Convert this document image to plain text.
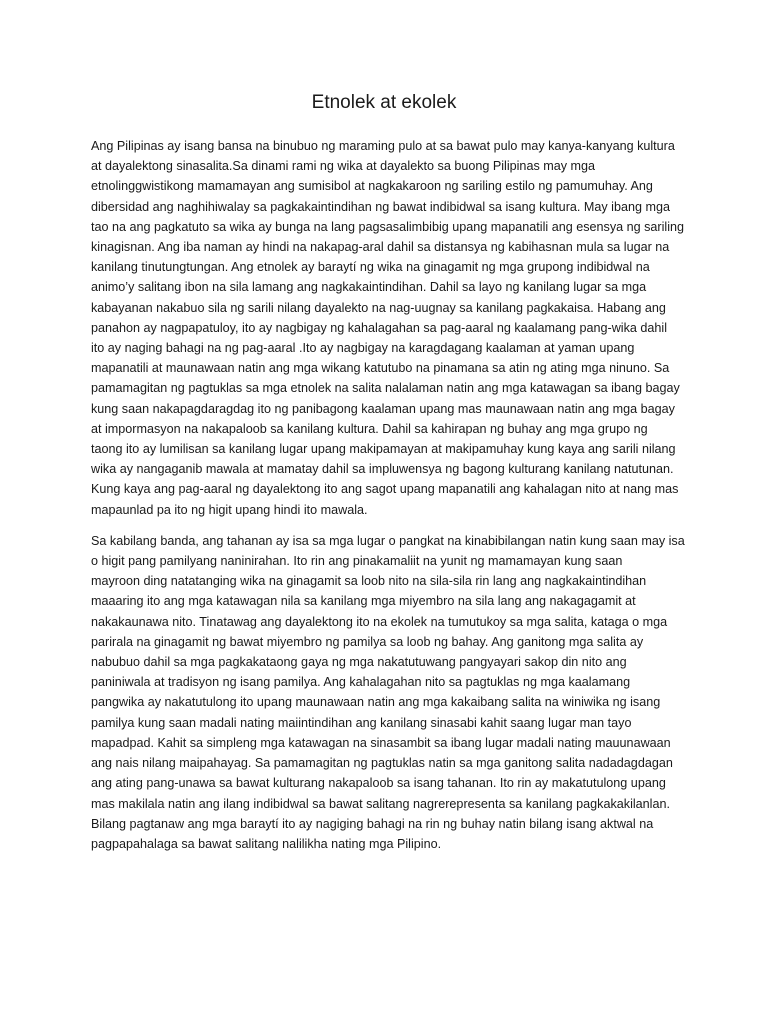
Etnolek at ekolek

Ang Pilipinas ay isang bansa na binubuo ng maraming pulo at sa bawat pulo may kanya-kanyang kultura
at dayalektong sinasalita.Sa dinami rami ng wika at dayalekto sa buong Pilipinas may mga
etnolinggwistikong mamamayan ang sumisibol at nagkakaroon ng sariling estilo ng pamumuhay. Ang
dibersidad ang naghihiwalay sa pagkakaintindihan ng bawat indibidwal sa isang kultura. May ibang mga
tao na ang pagkatuto sa wika ay bunga na lang pagsasalimbibig upang mapanatili ang esensya ng sariling
kinagisnan. Ang iba naman ay hindi na nakapag-aral dahil sa distansya ng kabihasnan mula sa lugar na
kanilang tinutungtungan. Ang etnolek ay baraytí ng wika na ginagamit ng mga grupong indibidwal na
animo’y salitang ibon na sila lamang ang nagkakaintindihan. Dahil sa layo ng kanilang lugar sa mga
kabayanan nakabuo sila ng sarili nilang dayalekto na nag-uugnay sa kanilang pagkakaisa. Habang ang
panahon ay nagpapatuloy, ito ay nagbigay ng kahalagahan sa pag-aaral ng kaalamang pang-wika dahil
ito ay naging bahagi na ng pag-aaral .Ito ay nagbigay na karagdagang kaalaman at yaman upang
mapanatili at maunawaan natin ang mga wikang katutubo na pinamana sa atin ng ating mga ninuno. Sa
pamamagitan ng pagtuklas sa mga etnolek na salita nalalaman natin ang mga katawagan sa ibang bagay
kung saan nakapagdaragdag ito ng panibagong kaalaman upang mas maunawaan natin ang mga bagay
at impormasyon na nakapaloob sa kanilang kultura. Dahil sa kahirapan ng buhay ang mga grupo ng
taong ito ay lumilisan sa kanilang lugar upang makipamayan at makipamuhay kung kaya ang sarili nilang
wika ay nangaganib mawala at mamatay dahil sa impluwensya ng bagong kulturang kanilang natutunan.
Kung kaya ang pag-aaral ng dayalektong ito ang sagot upang mapanatili ang kahalagan nito at nang mas
mapaunlad pa ito ng higit upang hindi ito mawala.

Sa kabilang banda, ang tahanan ay isa sa mga lugar o pangkat na kinabibilangan natin kung saan may isa
o higit pang pamilyang naninirahan. Ito rin ang pinakamaliit na yunit ng mamamayan kung saan
mayroon ding natatanging wika na ginagamit sa loob nito na sila-sila rin lang ang nagkakaintindihan
maaaring ito ang mga katawagan nila sa kanilang mga miyembro na sila lang ang nakagagamit at
nakakaunawa nito. Tinatawag ang dayalektong ito na ekolek na tumutukoy sa mga salita, kataga o mga
parirala na ginagamit ng bawat miyembro ng pamilya sa loob ng bahay. Ang ganitong mga salita ay
nabubuo dahil sa mga pagkakataong gaya ng mga nakatutuwang pangyayari sakop din nito ang
paniniwala at tradisyon ng isang pamilya. Ang kahalagahan nito sa pagtuklas ng mga kaalamang
pangwika ay nakatutulong ito upang maunawaan natin ang mga kakaibang salita na winiwika ng isang
pamilya kung saan madali nating maiintindihan ang kanilang sinasabi kahit saang lugar man tayo
mapadpad. Kahit sa simpleng mga katawagan na sinasambit sa ibang lugar madali nating mauunawaan
ang nais nilang maipahayag. Sa pamamagitan ng pagtuklas natin sa mga ganitong salita nadadagdagan
ang ating pang-unawa sa bawat kulturang nakapaloob sa isang tahanan. Ito rin ay makatutulong upang
mas makilala natin ang ilang indibidwal sa bawat salitang nagrerepresenta sa kanilang pagkakakilanlan.
Bilang pagtanaw ang mga baraytí ito ay nagiging bahagi na rin ng buhay natin bilang isang aktwal na
pagpapahalaga sa bawat salitang nalilikha nating mga Pilipino.
